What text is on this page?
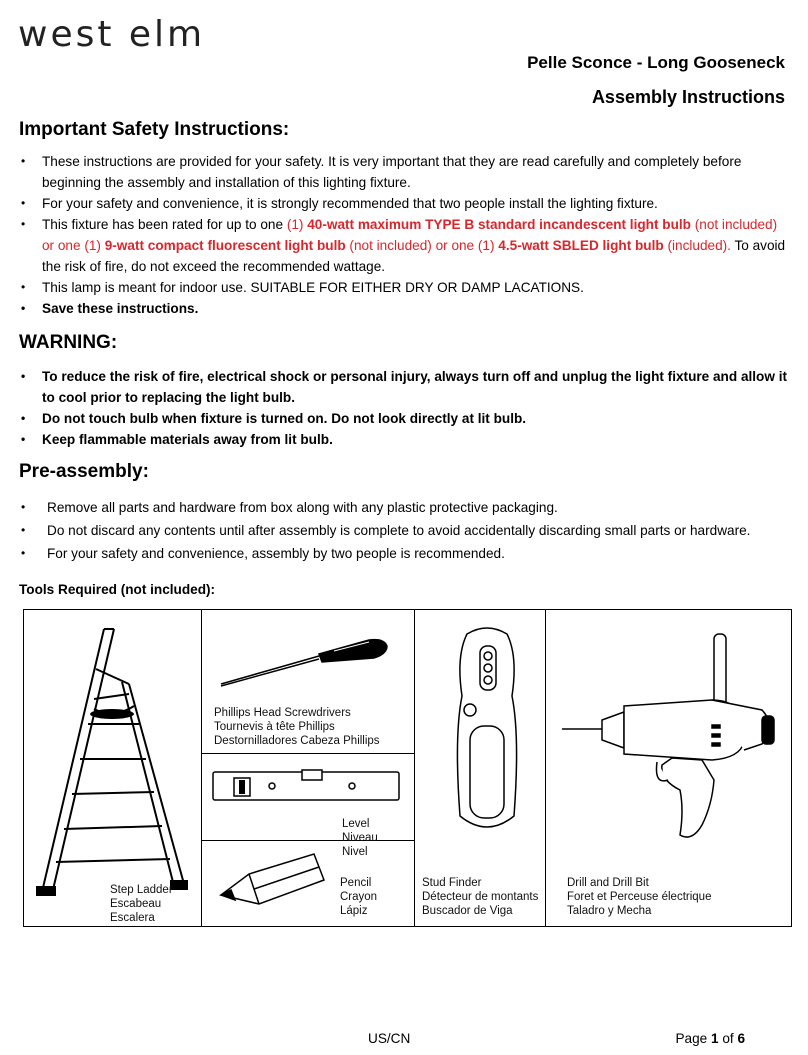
west elm
Pelle Sconce - Long Gooseneck
Assembly Instructions
Important Safety Instructions:
• These instructions are provided for your safety. It is very important that they are read carefully and completely before beginning the assembly and installation of this lighting fixture.
• For your safety and convenience, it is strongly recommended that two people install the lighting fixture.
• This fixture has been rated for up to one (1) 40-watt maximum TYPE B standard incandescent light bulb (not included) or one (1) 9-watt compact fluorescent light bulb (not included) or one (1) 4.5-watt SBLED light bulb (included). To avoid the risk of fire, do not exceed the recommended wattage.
• This lamp is meant for indoor use. SUITABLE FOR EITHER DRY OR DAMP LACATIONS.
• Save these instructions.
WARNING:
• To reduce the risk of fire, electrical shock or personal injury, always turn off and unplug the light fixture and allow it to cool prior to replacing the light bulb.
• Do not touch bulb when fixture is turned on. Do not look directly at lit bulb.
• Keep flammable materials away from lit bulb.
Pre-assembly:
• Remove all parts and hardware from box along with any plastic protective packaging.
• Do not discard any contents until after assembly is complete to avoid accidentally discarding small parts or hardware.
• For your safety and convenience, assembly by two people is recommended.
Tools Required (not included):

Step Ladder
Escabeau
Escalera

Phillips Head Screwdrivers
Tournevis à tête Phillips
Destornilladores Cabeza Phillips

Level
Niveau
Nivel

Pencil
Crayon
Lápiz

Stud Finder
Détecteur de montants
Buscador de Viga

Drill and Drill Bit
Foret et Perceuse électrique
Taladro y Mecha

US/CN	Page 1 of 6
